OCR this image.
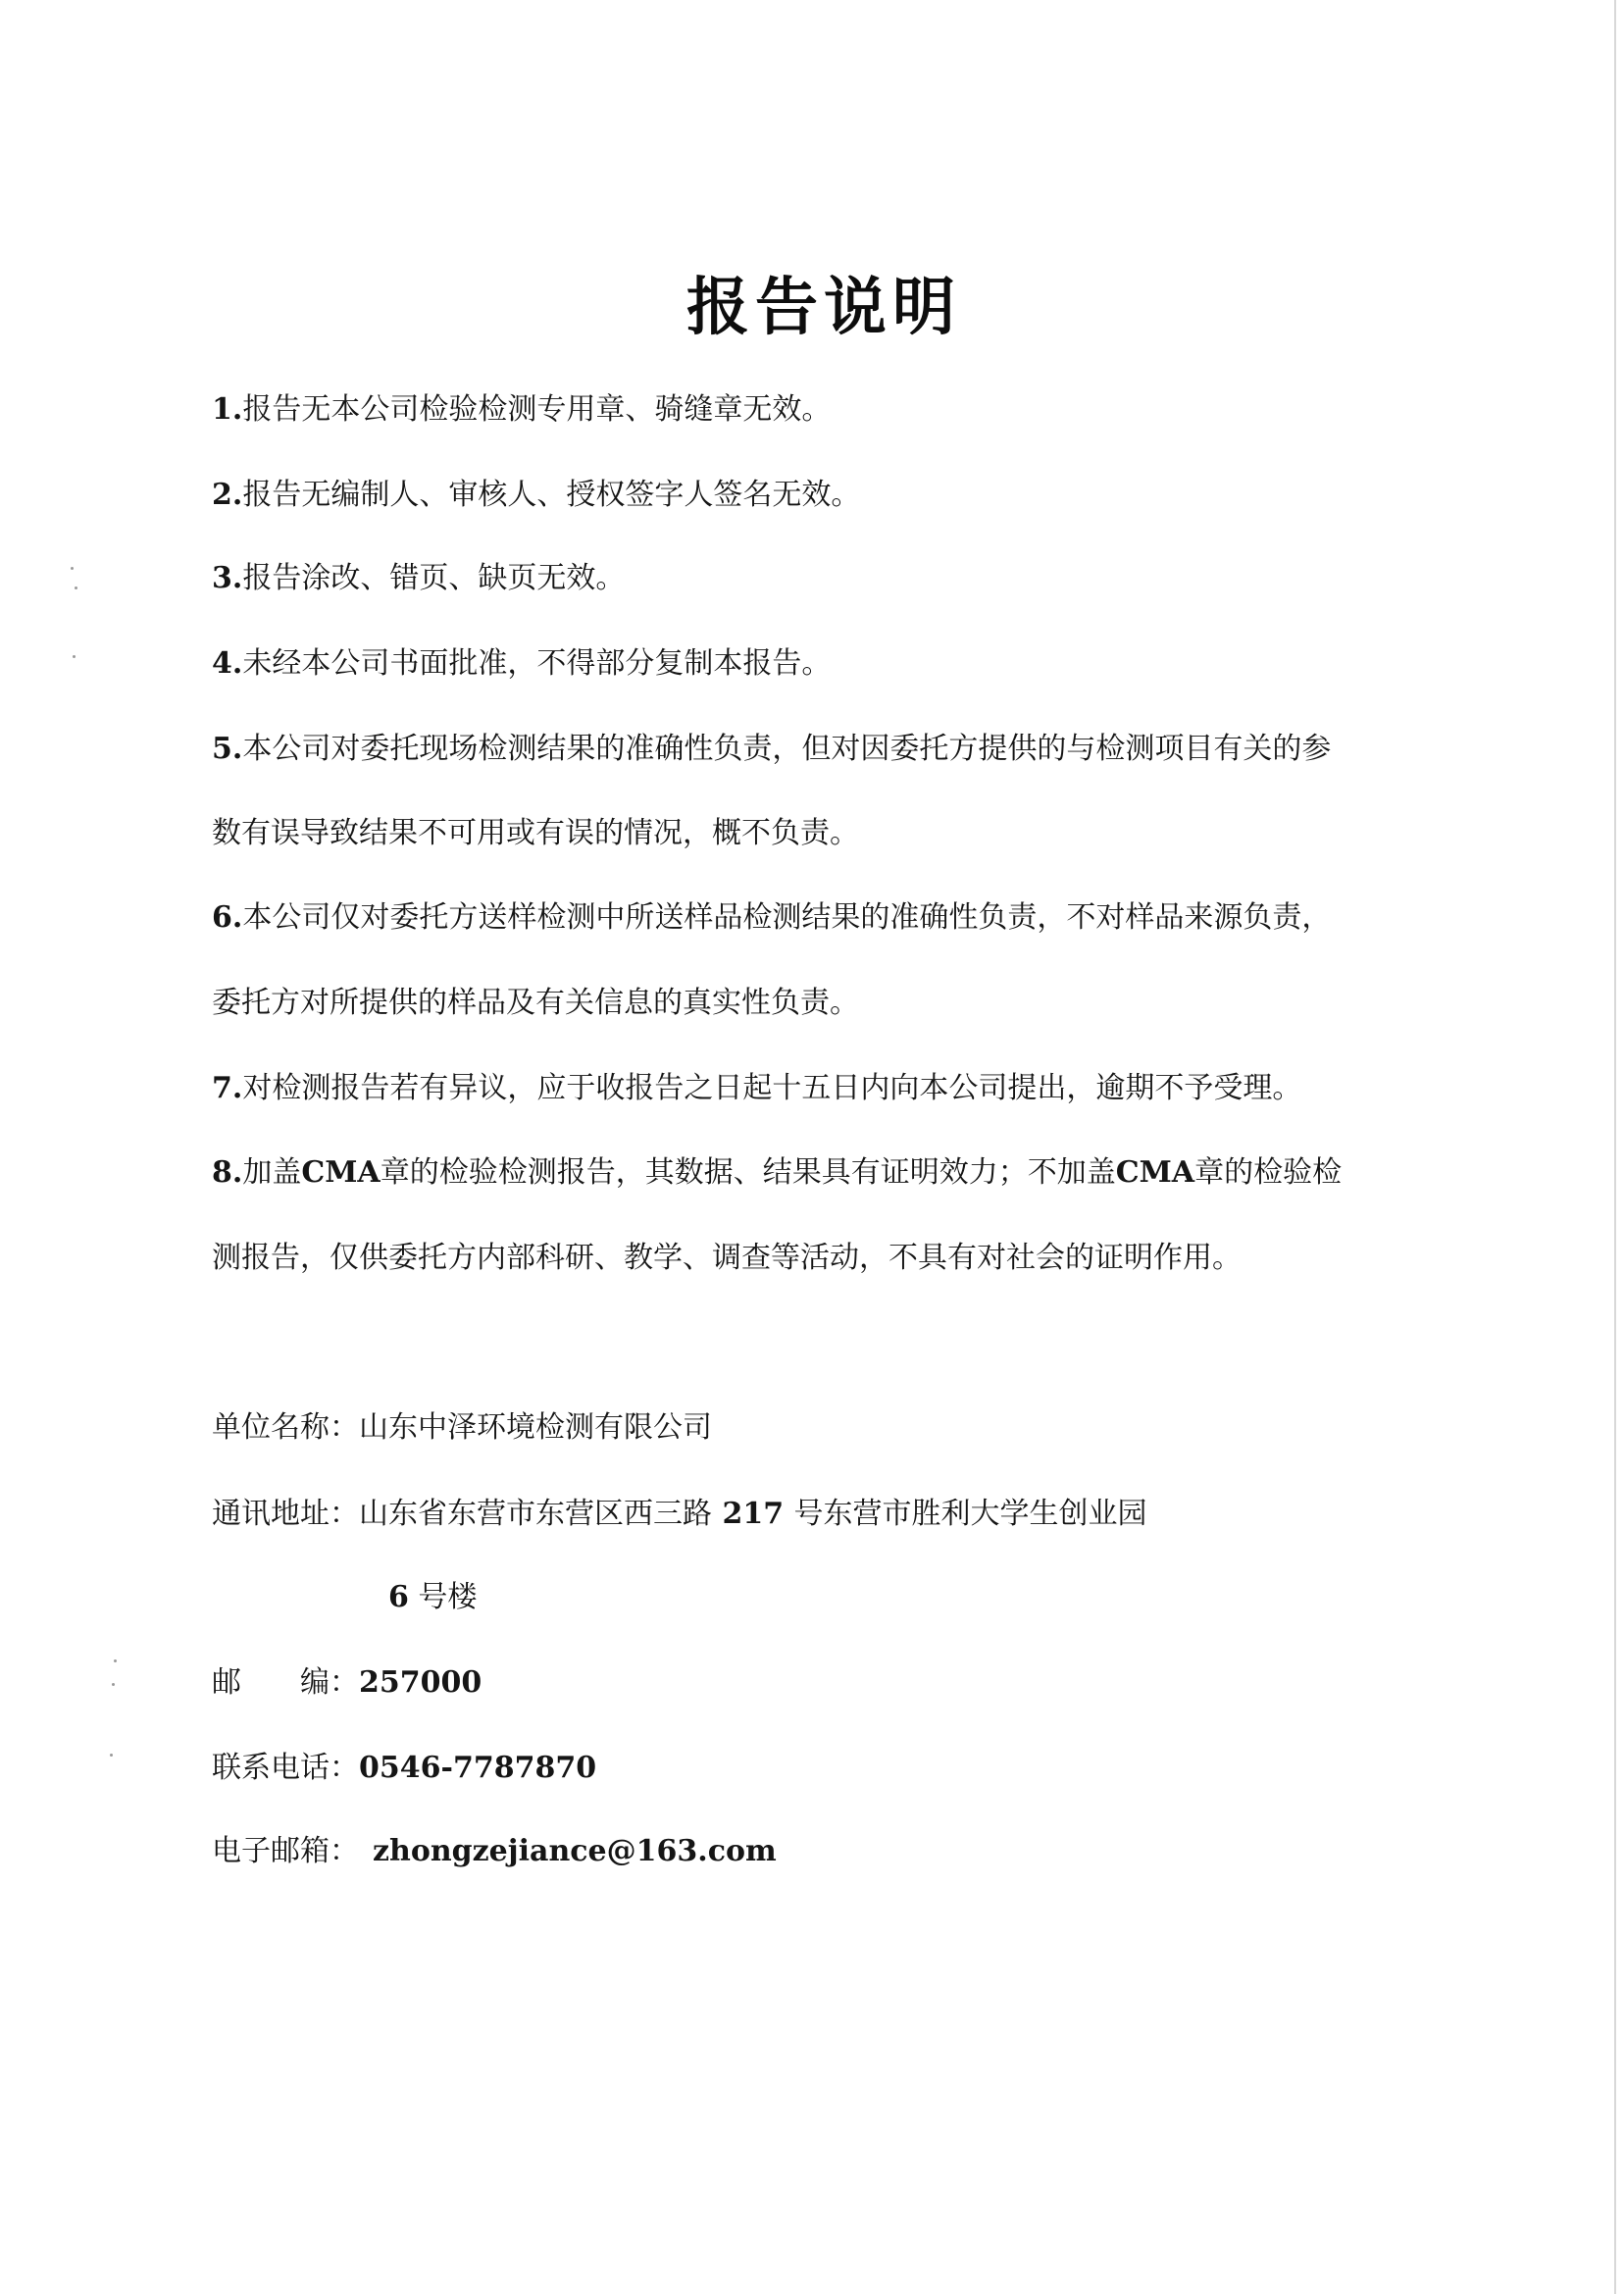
报告说明
1.报告无本公司检验检测专用章、骑缝章无效。
2.报告无编制人、审核人、授权签字人签名无效。
3.报告涂改、错页、缺页无效。
4.未经本公司书面批准，不得部分复制本报告。
5.本公司对委托现场检测结果的准确性负责，但对因委托方提供的与检测项目有关的参
数有误导致结果不可用或有误的情况，概不负责。
6.本公司仅对委托方送样检测中所送样品检测结果的准确性负责，不对样品来源负责，
委托方对所提供的样品及有关信息的真实性负责。
7.对检测报告若有异议，应于收报告之日起十五日内向本公司提出，逾期不予受理。
8.加盖CMA章的检验检测报告，其数据、结果具有证明效力；不加盖CMA章的检验检
测报告，仅供委托方内部科研、教学、调查等活动，不具有对社会的证明作用。
单位名称：山东中泽环境检测有限公司
通讯地址：山东省东营市东营区西三路 217 号东营市胜利大学生创业园
6 号楼
邮　　编：257000
联系电话：0546-7787870
电子邮箱： zhongzejiance@163.com
